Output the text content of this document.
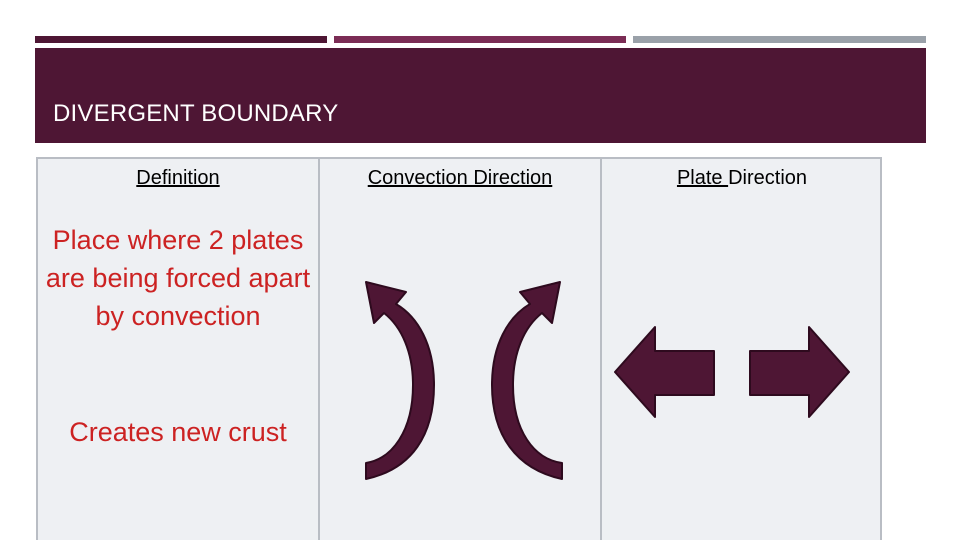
DIVERGENT BOUNDARY
Definition	Convection Direction	Plate Direction
Place where 2 plates are being forced apart by convection
Creates new crust
